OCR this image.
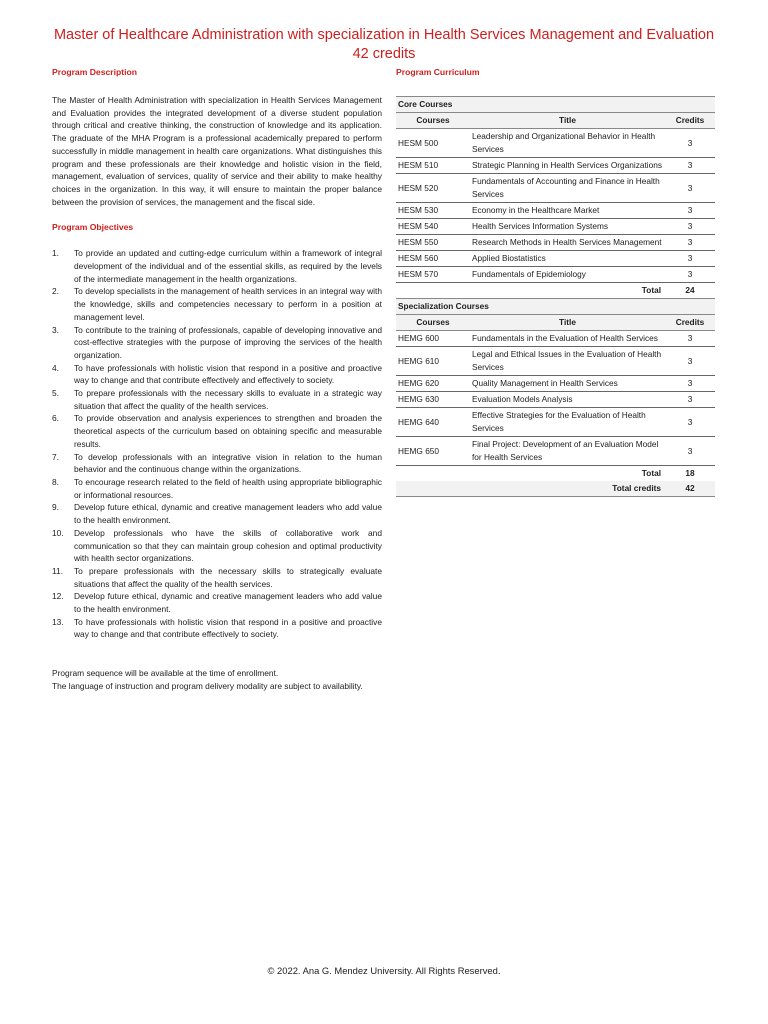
Master of Healthcare Administration with specialization in Health Services Management and Evaluation
42 credits
Program Description
The Master of Health Administration with specialization in Health Services Management and Evaluation provides the integrated development of a diverse student population through critical and creative thinking, the construction of knowledge and its application. The graduate of the MHA Program is a professional academically prepared to perform successfully in middle management in health care organizations. What distinguishes this program and these professionals are their knowledge and holistic vision in the field, management, evaluation of services, quality of service and their ability to make healthy choices in the organization. In this way, it will ensure to maintain the proper balance between the provision of services, the management and the fiscal side.
Program Objectives
1.	To provide an updated and cutting-edge curriculum within a framework of integral development of the individual and of the essential skills, as required by the levels of the intermediate management in the health organizations.
2.	To develop specialists in the management of health services in an integral way with the knowledge, skills and competencies necessary to perform in a position at management level.
3.	To contribute to the training of professionals, capable of developing innovative and cost-effective strategies with the purpose of improving the services of the health organization.
4.	To have professionals with holistic vision that respond in a positive and proactive way to change and that contribute effectively and effectively to society.
5.	To prepare professionals with the necessary skills to evaluate in a strategic way situation that affect the quality of the health services.
6.	To provide observation and analysis experiences to strengthen and broaden the theoretical aspects of the curriculum based on obtaining specific and measurable results.
7.	To develop professionals with an integrative vision in relation to the human behavior and the continuous change within the organizations.
8.	To encourage research related to the field of health using appropriate bibliographic or informational resources.
9.	Develop future ethical, dynamic and creative management leaders who add value to the health environment.
10.	Develop professionals who have the skills of collaborative work and communication so that they can maintain group cohesion and optimal productivity with health sector organizations.
11.	To prepare professionals with the necessary skills to strategically evaluate situations that affect the quality of the health services.
12.	Develop future ethical, dynamic and creative management leaders who add value to the health environment.
13.	To have professionals with holistic vision that respond in a positive and proactive way to change and that contribute effectively to society.

Program sequence will be available at the time of enrollment.

The language of instruction and program delivery modality are subject to availability.

Program Curriculum
Core Courses		
Courses	Title	Credits
HESM 500	Leadership and Organizational Behavior in Health Services	3
HESM 510	Strategic Planning in Health Services Organizations	3
HESM 520	Fundamentals of Accounting and Finance in Health Services	3
HESM 530	Economy in the Healthcare Market	3
HESM 540	Health Services Information Systems	3
HESM 550	Research Methods in Health Services Management	3
HESM 560	Applied Biostatistics	3
HESM 570	Fundamentals of Epidemiology	3
Total		24
Specialization Courses		
Courses	Title	Credits
HEMG 600	Fundamentals in the Evaluation of Health Services	3
HEMG 610	Legal and Ethical Issues in the Evaluation of Health Services	3
HEMG 620	Quality Management in Health Services	3
HEMG 630	Evaluation Models Analysis	3
HEMG 640	Effective Strategies for the Evaluation of Health Services	3
HEMG 650	Final Project: Development of an Evaluation Model for Health Services	3
Total		18
Total credits		42
© 2022. Ana G. Mendez University. All Rights Reserved.
